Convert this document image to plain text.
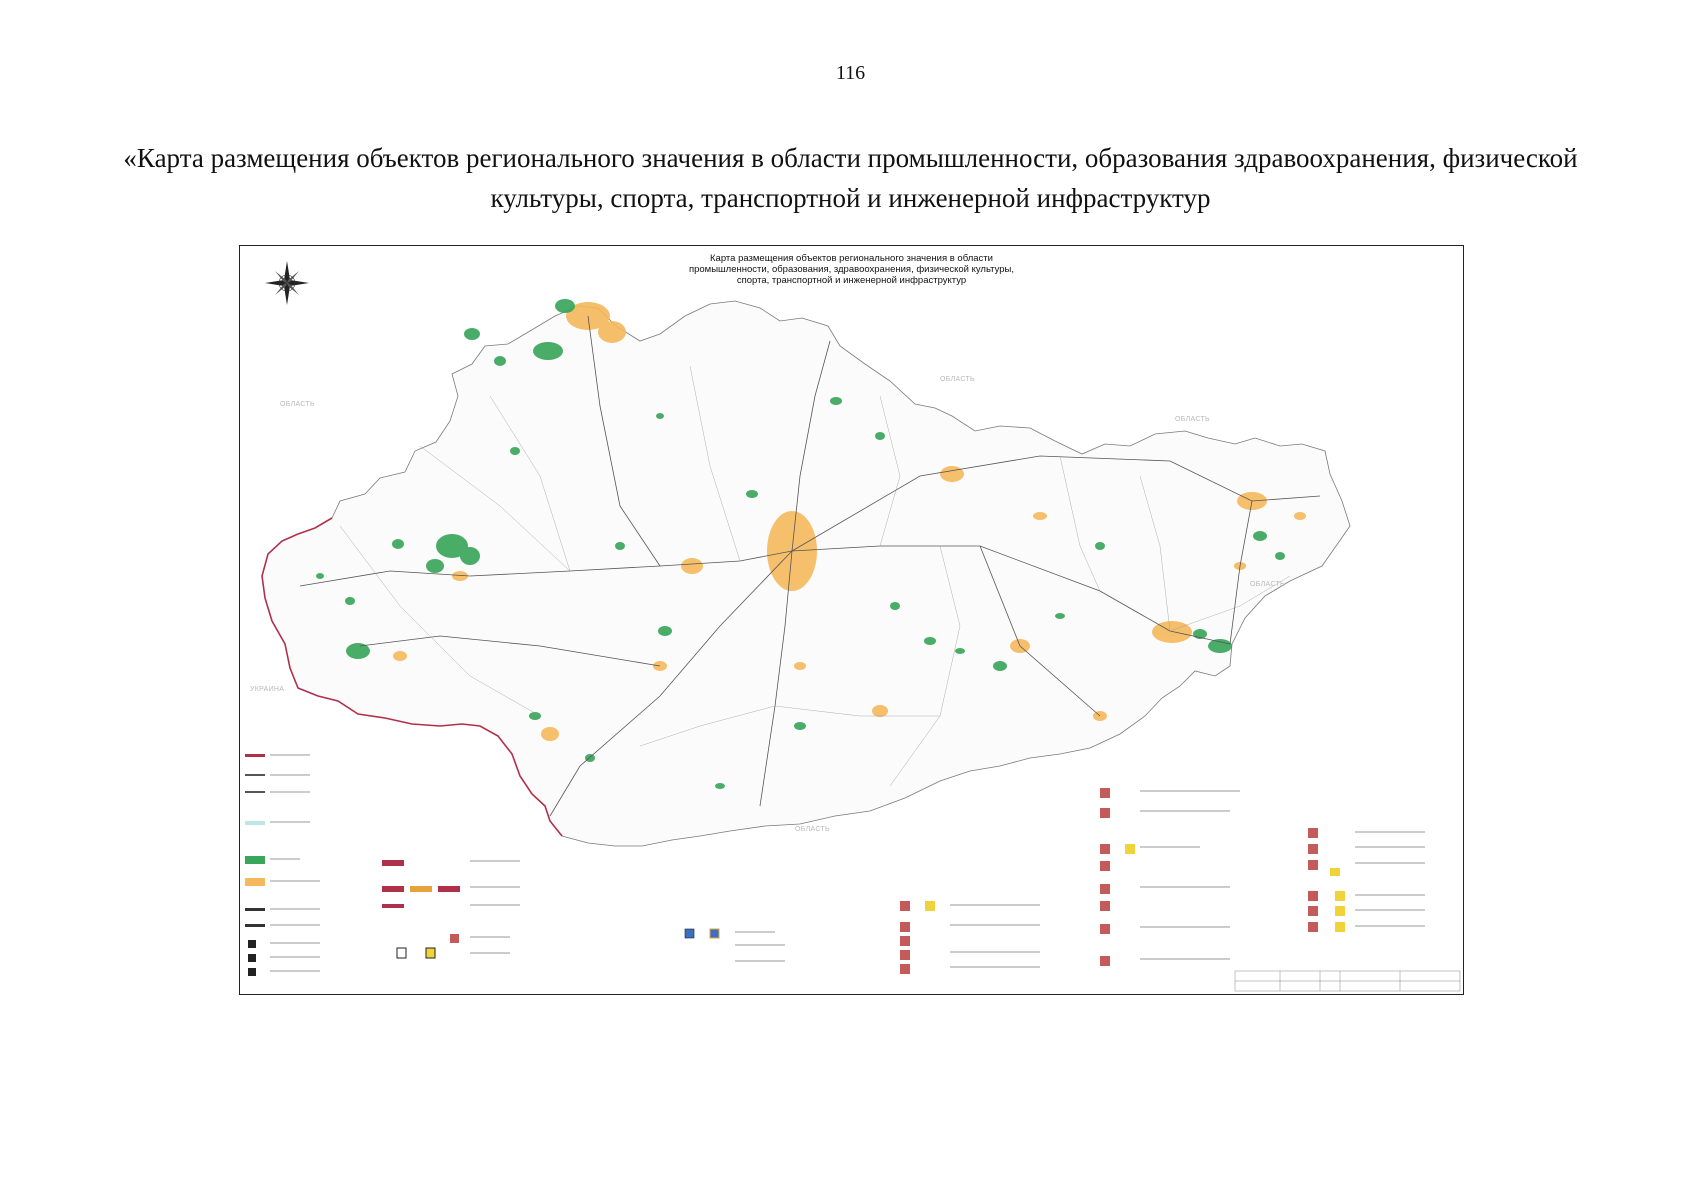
116
«Карта размещения объектов регионального значения в области промышленности, образования здравоохранения, физической культуры, спорта, транспортной и инженерной инфраструктур
Карта размещения объектов регионального значения в области
промышленности, образования, здравоохранения, физической культуры,
спорта, транспортной и инженерной инфраструктур
ОБЛАСТЬ
ОБЛАСТЬ
ОБЛАСТЬ
ОБЛАСТЬ
УКРАИНА
ОБЛАСТЬ
